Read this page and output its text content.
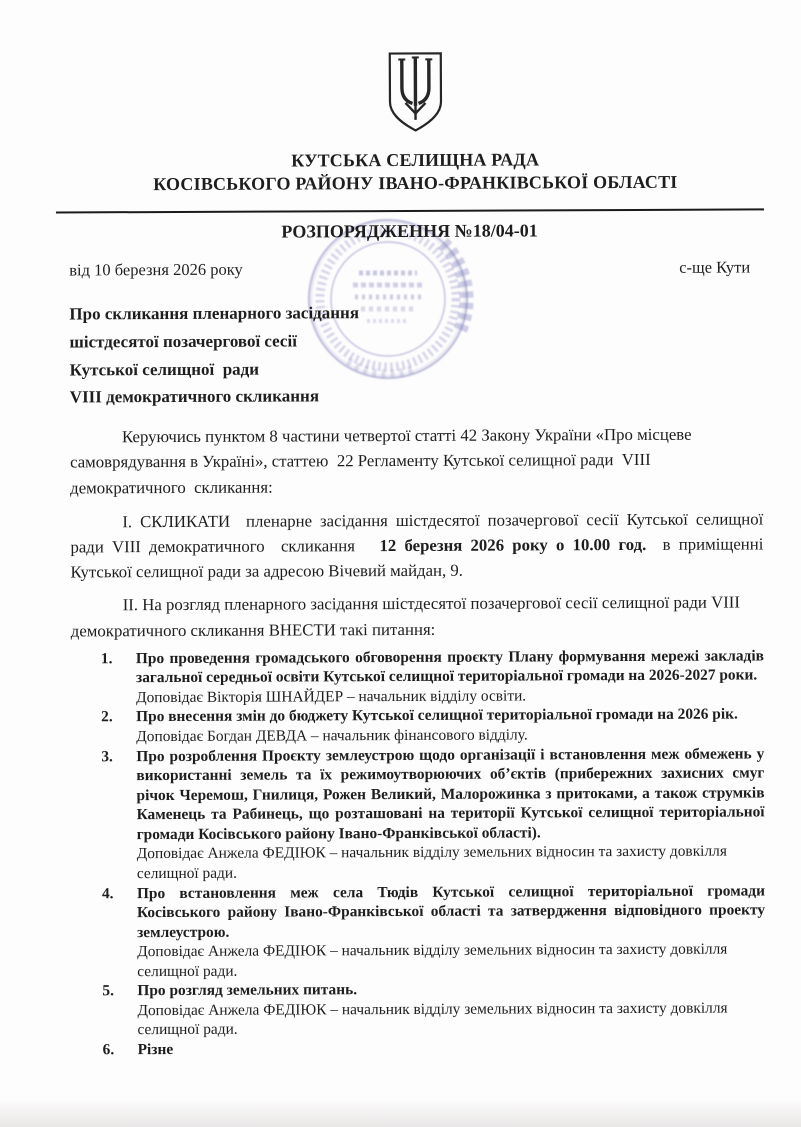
КУТСЬКА СЕЛИЩНА РАДА
КОСІВСЬКОГО РАЙОНУ ІВАНО-ФРАНКІВСЬКОЇ ОБЛАСТІ
РОЗПОРЯДЖЕННЯ №18/04-01
від 10 березня 2026 року	с-ще Кути
Про скликання пленарного засідання
шістдесятої позачергової сесії
Кутської селищної  ради
VIII демократичного скликання

Керуючись пунктом 8 частини четвертої статті 42 Закону України «Про місцеве самоврядування в Україні», статтею  22 Регламенту Кутської селищної ради  VIII демократичного  скликання:

І. СКЛИКАТИ  пленарне засідання шістдесятої позачергової сесії Кутської селищної ради VIII демократичного  скликання   12 березня 2026 року о 10.00 год.  в приміщенні Кутської селищної ради за адресою Вічевий майдан, 9.

ІІ. На розгляд пленарного засідання шістдесятої позачергової сесії селищної ради VIII демократичного скликання ВНЕСТИ такі питання:

1.	Про проведення громадського обговорення проєкту Плану формування мережі закладів загальної середньої освіти Кутської селищної територіальної громади на 2026-2027 роки.
Доповідає Вікторія ШНАЙДЕР – начальник відділу освіти.
2.	Про внесення змін до бюджету Кутської селищної територіальної громади на 2026 рік.
Доповідає Богдан ДЕВДА – начальник фінансового відділу.
3.	Про розроблення Проєкту землеустрою щодо організації і встановлення меж обмежень у використанні земель та їх режимоутворюючих об’єктів (прибережних захисних смуг річок Черемош, Гнилиця, Рожен Великий, Малорожинка з притоками, а також струмків Каменець та Рабинець, що розташовані на території Кутської селищної територіальної громади Косівського району Івано-Франківської області).
Доповідає Анжела ФЕДІЮК – начальник відділу земельних відносин та захисту довкілля селищної ради.
4.	Про встановлення меж села Тюдів Кутської селищної територіальної громади Косівського району Івано-Франківської області та затвердження відповідного проекту землеустрою.
Доповідає Анжела ФЕДІЮК – начальник відділу земельних відносин та захисту довкілля селищної ради.
5.	Про розгляд земельних питань.
Доповідає Анжела ФЕДІЮК – начальник відділу земельних відносин та захисту довкілля селищної ради.
6.	Різне
